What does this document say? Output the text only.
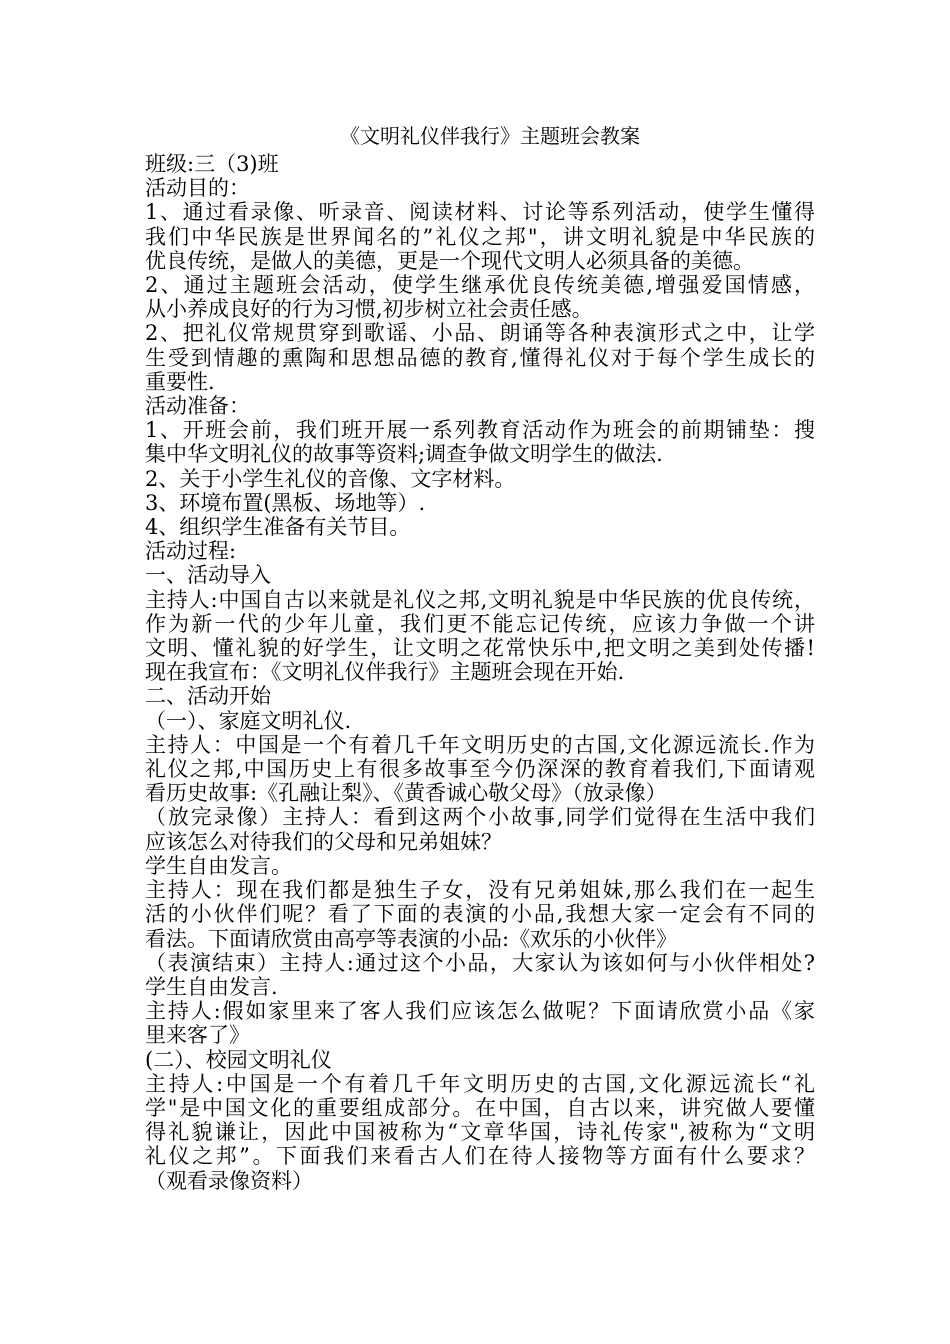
《文明礼仪伴我行》主题班会教案

班级:三（3)班

活动目的：

1、通过看录像、听录音、阅读材料、讨论等系列活动，使学生懂得

我们中华民族是世界闻名的”礼仪之邦"，讲文明礼貌是中华民族的

优良传统，是做人的美德，更是一个现代文明人必须具备的美德。

2、通过主题班会活动，使学生继承优良传统美德,增强爱国情感，

从小养成良好的行为习惯,初步树立社会责任感。

2、把礼仪常规贯穿到歌谣、小品、朗诵等各种表演形式之中，让学

生受到情趣的熏陶和思想品德的教育,懂得礼仪对于每个学生成长的

重要性.

活动准备：

1、开班会前，我们班开展一系列教育活动作为班会的前期铺垫：搜

集中华文明礼仪的故事等资料;调查争做文明学生的做法.

2、关于小学生礼仪的音像、文字材料。

3、环境布置(黑板、场地等）.

4、组织学生准备有关节目。

活动过程:

一、活动导入

主持人:中国自古以来就是礼仪之邦,文明礼貌是中华民族的优良传统，

作为新一代的少年儿童，我们更不能忘记传统，应该力争做一个讲

文明、懂礼貌的好学生，让文明之花常快乐中,把文明之美到处传播!

现在我宣布：《文明礼仪伴我行》主题班会现在开始.

二、活动开始

（一）、家庭文明礼仪.

主持人：中国是一个有着几千年文明历史的古国,文化源远流长.作为

礼仪之邦,中国历史上有很多故事至今仍深深的教育着我们,下面请观

看历史故事:《孔融让梨》、《黄香诚心敬父母》（放录像）

（放完录像）主持人：看到这两个小故事,同学们觉得在生活中我们

应该怎么对待我们的父母和兄弟姐妹？

学生自由发言。

主持人：现在我们都是独生子女，没有兄弟姐妹,那么我们在一起生

活的小伙伴们呢？看了下面的表演的小品,我想大家一定会有不同的

看法。下面请欣赏由高亭等表演的小品:《欢乐的小伙伴》

（表演结束）主持人:通过这个小品，大家认为该如何与小伙伴相处?

学生自由发言.

主持人:假如家里来了客人我们应该怎么做呢？下面请欣赏小品《家

里来客了》

(二）、校园文明礼仪

主持人:中国是一个有着几千年文明历史的古国,文化源远流长“礼

学"是中国文化的重要组成部分。在中国，自古以来，讲究做人要懂

得礼貌谦让，因此中国被称为“文章华国，诗礼传家",被称为“文明

礼仪之邦”。下面我们来看古人们在待人接物等方面有什么要求？

（观看录像资料）
